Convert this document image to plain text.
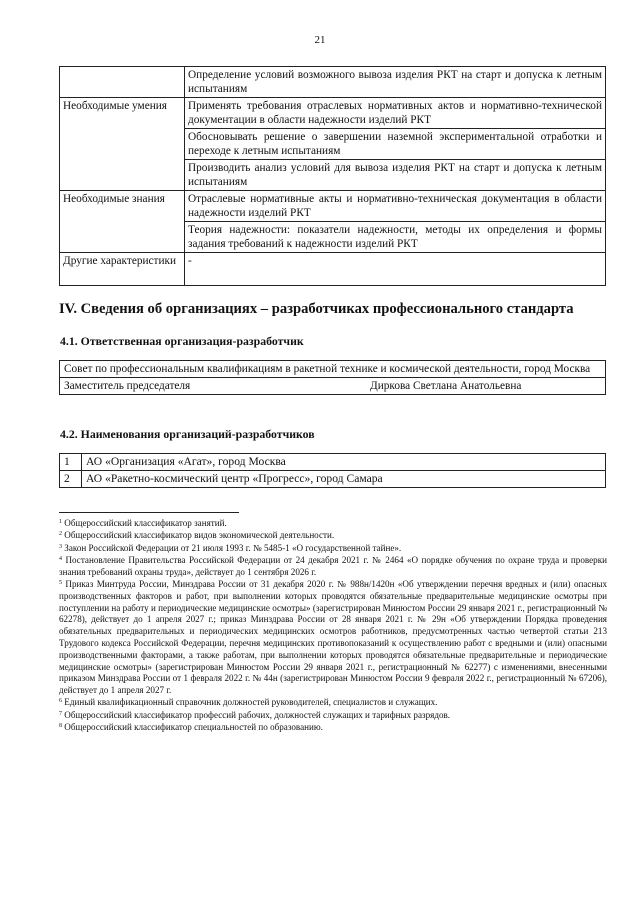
21
	Определение условий возможного вывоза изделия РКТ на старт и допуска к летным испытаниям
Необходимые умения	Применять требования отраслевых нормативных актов и нормативно-технической документации в области надежности изделий РКТ
	Обосновывать решение о завершении наземной экспериментальной отработки и переходе к летным испытаниям
	Производить анализ условий для вывоза изделия РКТ на старт и допуска к летным испытаниям
Необходимые знания	Отраслевые нормативные акты и нормативно-техническая документация в области надежности изделий РКТ
	Теория надежности: показатели надежности, методы их определения и формы задания требований к надежности изделий РКТ
Другие характеристики	-
IV. Сведения об организациях – разработчиках профессионального стандарта
4.1. Ответственная организация-разработчик
Совет по профессиональным квалификациям в ракетной технике и космической деятельности, город Москва
Заместитель председателя	Диркова Светлана Анатольевна
4.2. Наименования организаций-разработчиков
1	АО «Организация «Агат», город Москва
2	АО «Ракетно-космический центр «Прогресс», город Самара

$^1$ Общероссийский классификатор занятий.

$^2$ Общероссийский классификатор видов экономической деятельности.

$^3$ Закон Российской Федерации от 21 июля 1993 г. № 5485-1 «О государственной тайне».

$^4$ Постановление Правительства Российской Федерации от 24 декабря 2021 г. № 2464 «О порядке обучения по охране труда и проверки знания требований охраны труда», действует до 1 сентября 2026 г.

$^5$ Приказ Минтруда России, Минздрава России от 31 декабря 2020 г. № 988н/1420н «Об утверждении перечня вредных и (или) опасных производственных факторов и работ, при выполнении которых проводятся обязательные предварительные медицинские осмотры при поступлении на работу и периодические медицинские осмотры» (зарегистрирован Минюстом России 29 января 2021 г., регистрационный № 62278), действует до 1 апреля 2027 г.; приказ Минздрава России от 28 января 2021 г. № 29н «Об утверждении Порядка проведения обязательных предварительных и периодических медицинских осмотров работников, предусмотренных частью четвертой статьи 213 Трудового кодекса Российской Федерации, перечня медицинских противопоказаний к осуществлению работ с вредными и (или) опасными производственными факторами, а также работам, при выполнении которых проводятся обязательные предварительные и периодические медицинские осмотры» (зарегистрирован Минюстом России 29 января 2021 г., регистрационный № 62277) с изменениями, внесенными приказом Минздрава России от 1 февраля 2022 г. № 44н (зарегистрирован Минюстом России 9 февраля 2022 г., регистрационный № 67206), действует до 1 апреля 2027 г.

$^6$ Единый квалификационный справочник должностей руководителей, специалистов и служащих.

$^7$ Общероссийский классификатор профессий рабочих, должностей служащих и тарифных разрядов.

$^8$ Общероссийский классификатор специальностей по образованию.
